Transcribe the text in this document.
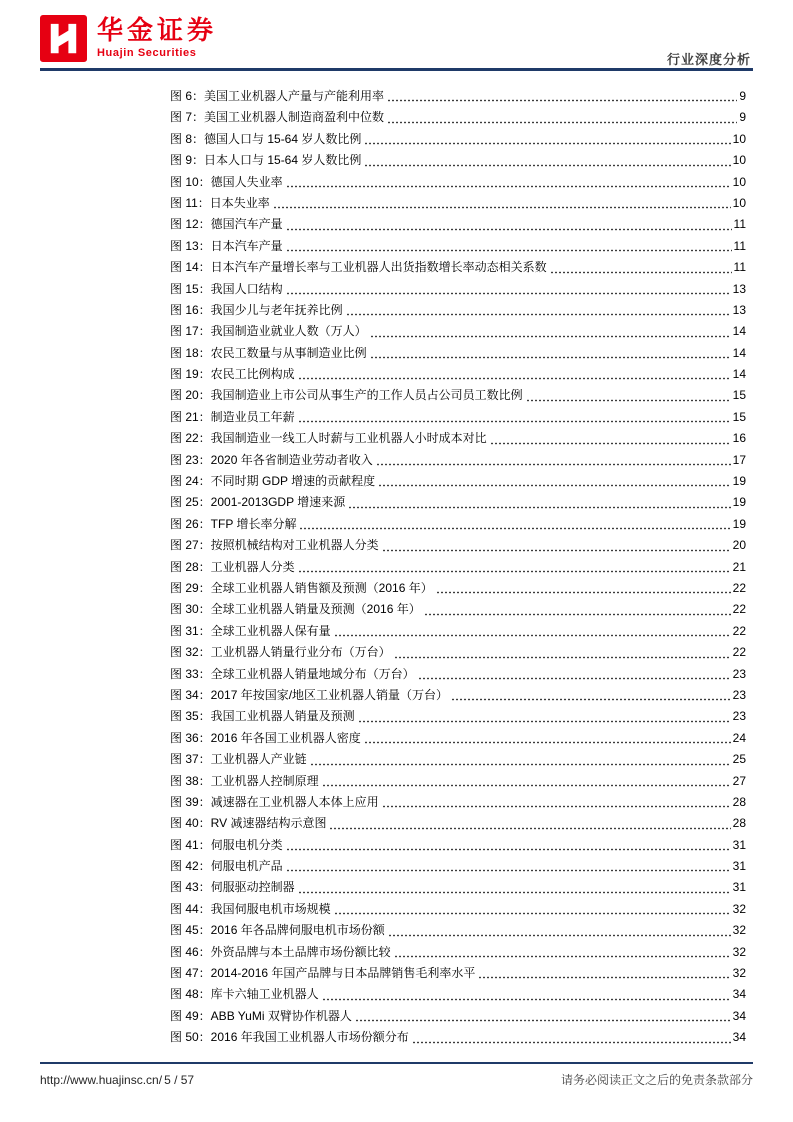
华金证券
Huajin Securities	行业深度分析
图 6：美国工业机器人产量与产能利用率	9
图 7：美国工业机器人制造商盈利中位数	9
图 8：德国人口与 15-64 岁人数比例	10
图 9：日本人口与 15-64 岁人数比例	10
图 10：德国人失业率	10
图 11：日本失业率	10
图 12：德国汽车产量	11
图 13：日本汽车产量	11
图 14：日本汽车产量增长率与工业机器人出货指数增长率动态相关系数	11
图 15：我国人口结构	13
图 16：我国少儿与老年抚养比例	13
图 17：我国制造业就业人数（万人）	14
图 18：农民工数量与从事制造业比例	14
图 19：农民工比例构成	14
图 20：我国制造业上市公司从事生产的工作人员占公司员工数比例	15
图 21：制造业员工年薪	15
图 22：我国制造业一线工人时薪与工业机器人小时成本对比	16
图 23：2020 年各省制造业劳动者收入	17
图 24：不同时期 GDP 增速的贡献程度	19
图 25：2001-2013GDP 增速来源	19
图 26：TFP 增长率分解	19
图 27：按照机械结构对工业机器人分类	20
图 28：工业机器人分类	21
图 29：全球工业机器人销售额及预测（2016 年）	22
图 30：全球工业机器人销量及预测（2016 年）	22
图 31：全球工业机器人保有量	22
图 32：工业机器人销量行业分布（万台）	22
图 33：全球工业机器人销量地域分布（万台）	23
图 34：2017 年按国家/地区工业机器人销量（万台）	23
图 35：我国工业机器人销量及预测	23
图 36：2016 年各国工业机器人密度	24
图 37：工业机器人产业链	25
图 38：工业机器人控制原理	27
图 39：减速器在工业机器人本体上应用	28
图 40：RV 减速器结构示意图	28
图 41：伺服电机分类	31
图 42：伺服电机产品	31
图 43：伺服驱动控制器	31
图 44：我国伺服电机市场规模	32
图 45：2016 年各品牌伺服电机市场份额	32
图 46：外资品牌与本土品牌市场份额比较	32
图 47：2014-2016 年国产品牌与日本品牌销售毛利率水平	32
图 48：库卡六轴工业机器人	34
图 49：ABB YuMi 双臂协作机器人	34
图 50：2016 年我国工业机器人市场份额分布	34
http://www.huajinsc.cn/ 5 / 57	请务必阅读正文之后的免责条款部分
